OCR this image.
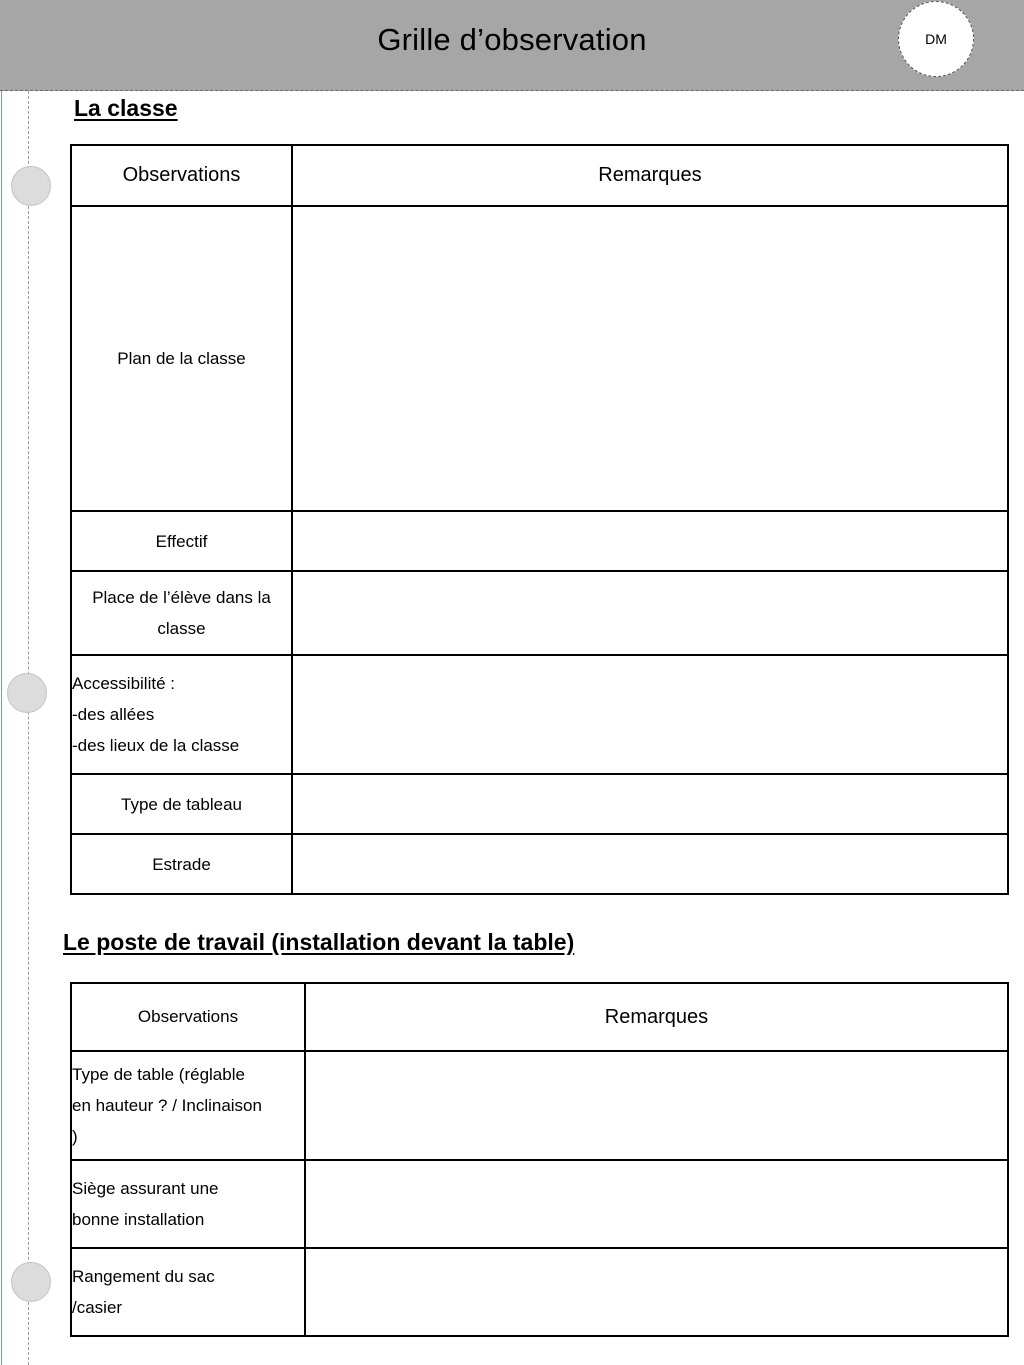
Grille d’observation	DM
La classe
Observations	Remarques

Plan de la classe	

Effectif	

Place de l’élève dans la
classe	

Accessibilité :
-des allées
-des lieux de la classe	

Type de tableau	

Estrade	

Le poste de travail (installation devant la table)
Observations	Remarques

Type de table (réglable
en hauteur ? / Inclinaison
)	

Siège assurant une
bonne installation	

Rangement du sac
/casier	
